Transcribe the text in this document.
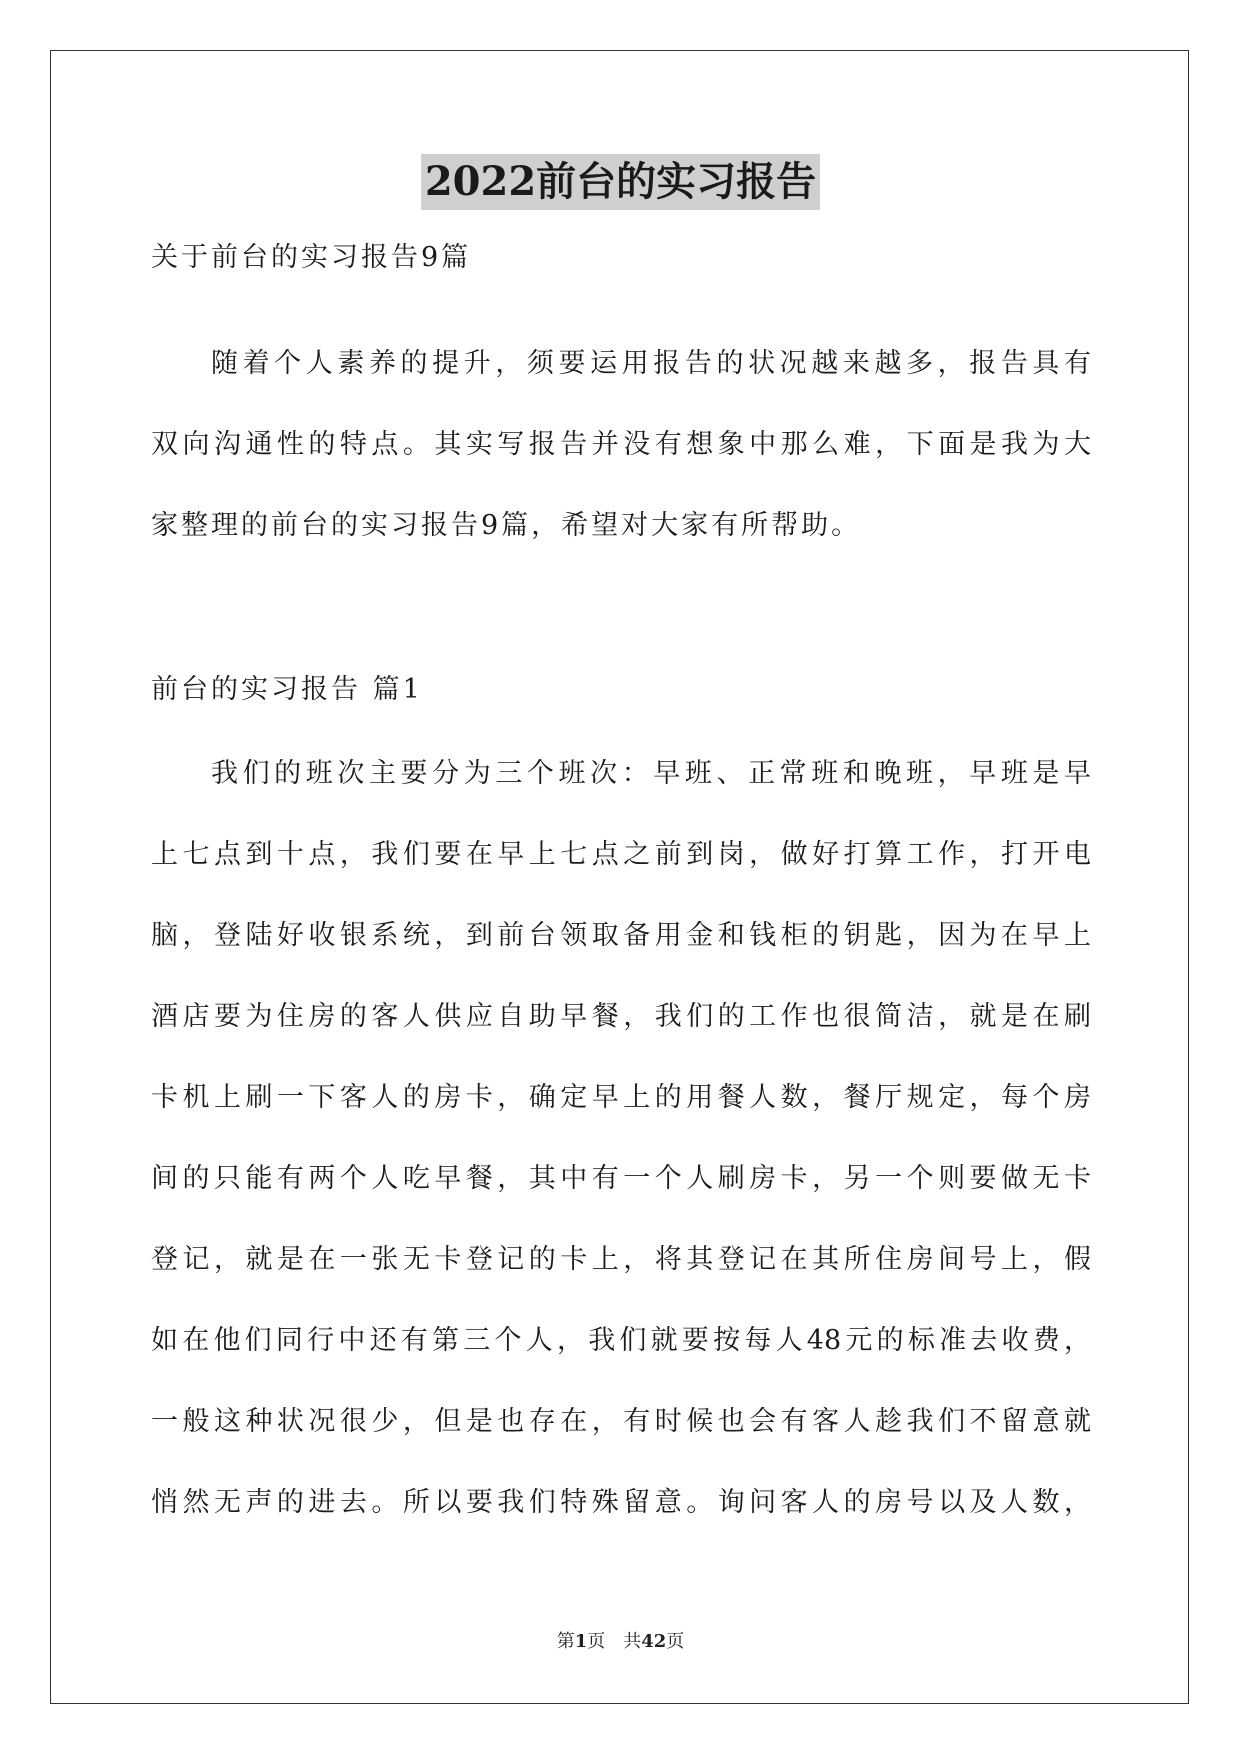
2022前台的实习报告
关于前台的实习报告9篇
随着个人素养的提升，须要运用报告的状况越来越多，报告具有
双向沟通性的特点。其实写报告并没有想象中那么难，下面是我为大
家整理的前台的实习报告9篇，希望对大家有所帮助。
前台的实习报告 篇1
我们的班次主要分为三个班次：早班、正常班和晚班，早班是早
上七点到十点，我们要在早上七点之前到岗，做好打算工作，打开电
脑，登陆好收银系统，到前台领取备用金和钱柜的钥匙，因为在早上
酒店要为住房的客人供应自助早餐，我们的工作也很简洁，就是在刷
卡机上刷一下客人的房卡，确定早上的用餐人数，餐厅规定，每个房
间的只能有两个人吃早餐，其中有一个人刷房卡，另一个则要做无卡
登记，就是在一张无卡登记的卡上，将其登记在其所住房间号上，假
如在他们同行中还有第三个人，我们就要按每人48元的标准去收费，
一般这种状况很少，但是也存在，有时候也会有客人趁我们不留意就
悄然无声的进去。所以要我们特殊留意。询问客人的房号以及人数，
第1页　共42页
